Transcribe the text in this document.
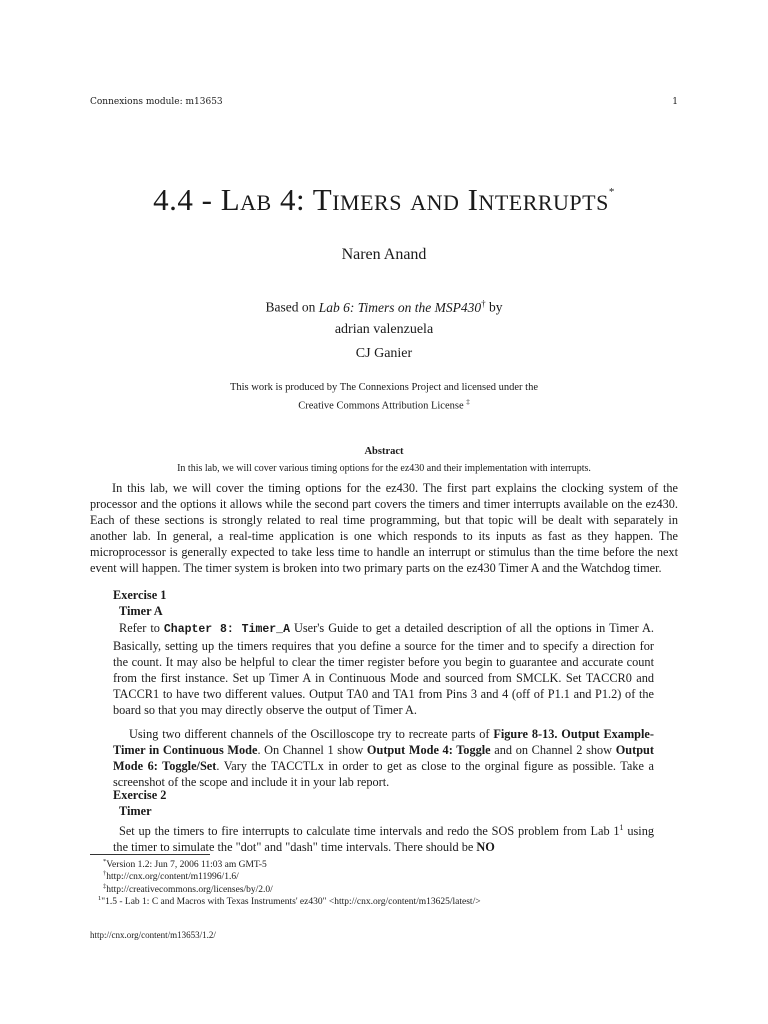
Connexions module: m13653	1
4.4 - Lab 4: Timers and Interrupts*
Naren Anand
Based on Lab 6: Timers on the MSP430† by
adrian valenzuela
CJ Ganier
This work is produced by The Connexions Project and licensed under the
Creative Commons Attribution License ‡
Abstract
In this lab, we will cover various timing options for the ez430 and their implementation with interrupts.
In this lab, we will cover the timing options for the ez430. The first part explains the clocking system of the processor and the options it allows while the second part covers the timers and timer interrupts available on the ez430. Each of these sections is strongly related to real time programming, but that topic will be dealt with separately in another lab. In general, a real-time application is one which responds to its inputs as fast as they happen. The microprocessor is generally expected to take less time to handle an interrupt or stimulus than the time before the next event will happen. The timer system is broken into two primary parts on the ez430 Timer A and the Watchdog timer.
Exercise 1
Timer A
Refer to Chapter 8: Timer_A User's Guide to get a detailed description of all the options in Timer A. Basically, setting up the timers requires that you define a source for the timer and to specify a direction for the count. It may also be helpful to clear the timer register before you begin to guarantee and accurate count from the first instance. Set up Timer A in Continuous Mode and sourced from SMCLK. Set TACCR0 and TACCR1 to have two different values. Output TA0 and TA1 from Pins 3 and 4 (off of P1.1 and P1.2) of the board so that you may directly observe the output of Timer A.
Using two different channels of the Oscilloscope try to recreate parts of Figure 8-13. Output Example- Timer in Continuous Mode. On Channel 1 show Output Mode 4: Toggle and on Channel 2 show Output Mode 6: Toggle/Set. Vary the TACCTLx in order to get as close to the orginal figure as possible. Take a screenshot of the scope and include it in your lab report.
Exercise 2
Timer
Set up the timers to fire interrupts to calculate time intervals and redo the SOS problem from Lab $1^1$ using the timer to simulate the "dot" and "dash" time intervals. There should be NO
*Version 1.2: Jun 7, 2006 11:03 am GMT-5
†http://cnx.org/content/m11996/1.6/
‡http://creativecommons.org/licenses/by/2.0/
$^1$"1.5 - Lab 1: C and Macros with Texas Instruments' ez430" <http://cnx.org/content/m13625/latest/>
http://cnx.org/content/m13653/1.2/
